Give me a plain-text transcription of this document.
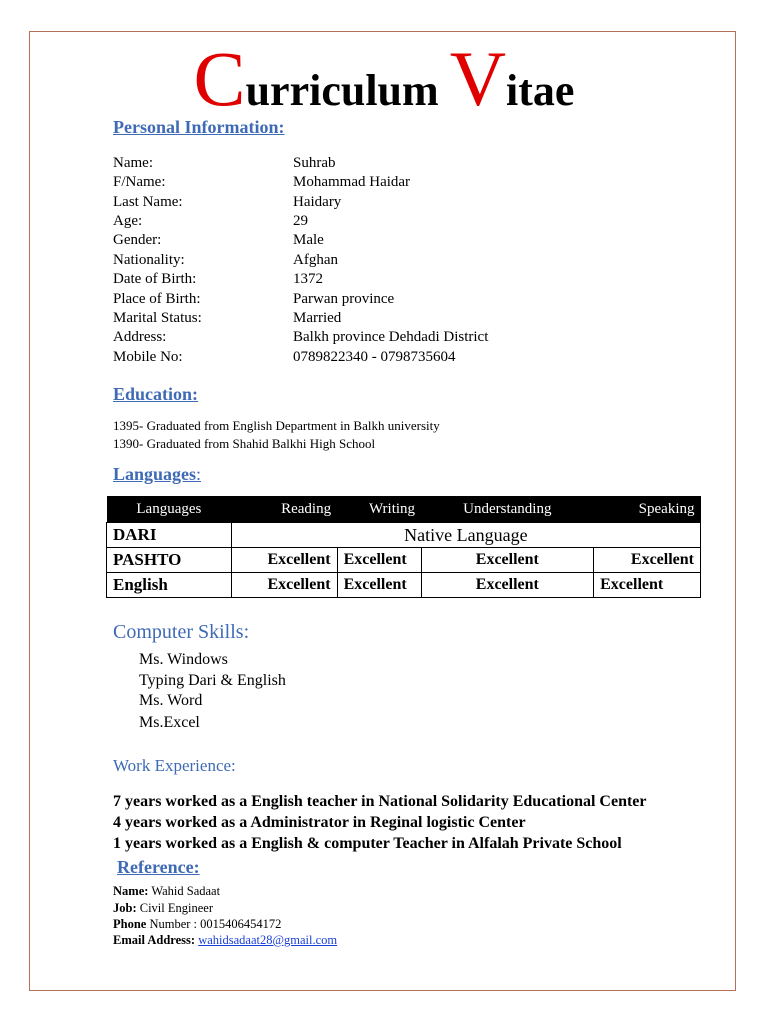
Curriculum Vitae
Personal Information:
Name:	Suhrab
F/Name:	Mohammad Haidar
Last Name:	Haidary
Age:	29
Gender:	Male
Nationality:	Afghan
Date of Birth:	1372
Place of Birth:	Parwan province
Marital Status:	Married
Address:	Balkh province Dehdadi District
Mobile No:	0789822340 - 0798735604
Education:
1395- Graduated from English Department in Balkh university
1390- Graduated from Shahid Balkhi High School
Languages:
Languages	Reading	Writing	Understanding	Speaking
DARI	Native Language			
PASHTO	Excellent	Excellent	Excellent	Excellent
English	Excellent	Excellent	Excellent	Excellent
Computer Skills:
Ms. Windows
Typing Dari & English
Ms. Word
Ms.Excel
Work Experience:
7 years worked as a English teacher in National Solidarity Educational Center
4 years worked as a Administrator in Reginal logistic Center
1 years worked as a English & computer Teacher in Alfalah Private School
Reference:
Name: Wahid Sadaat
Job: Civil Engineer
Phone Number : 0015406454172
Email Address: wahidsadaat28@gmail.com
